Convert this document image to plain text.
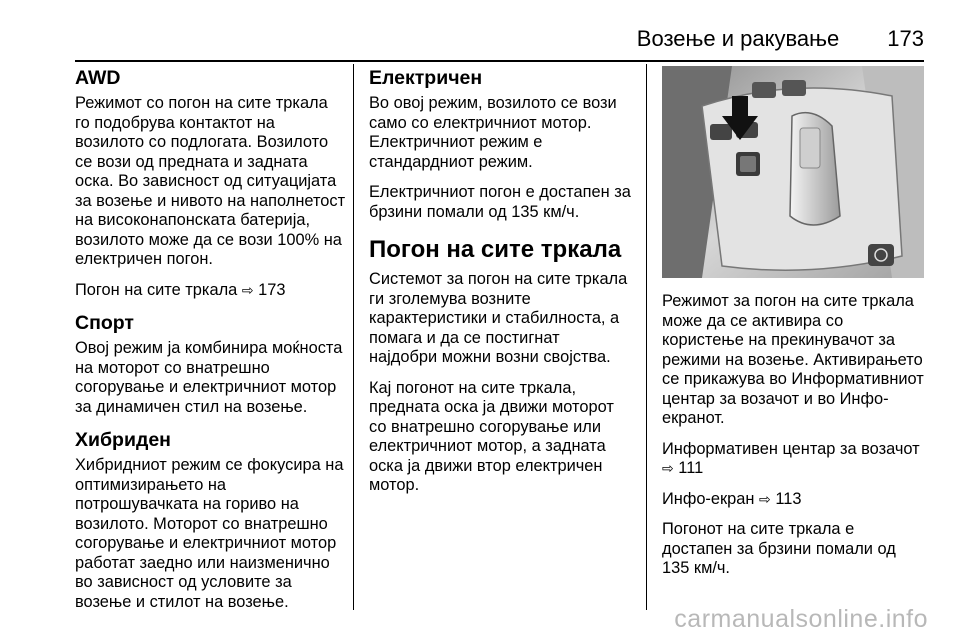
Возење и ракување 173
AWD

Режимот со погон на сите тркала го подобрува контактот на возилото со подлогата. Возилото се вози од предната и задната оска. Во зависност од ситуацијата за возење и нивото на наполнетост на високонапонската батерија, возилото може да се вози 100% на електричен погон.

Погон на сите тркала ⇨ 173

Спорт

Овој режим ја комбинира моќноста на моторот со внатрешно согорување и електричниот мотор за динамичен стил на возење.

Хибриден

Хибридниот режим се фокусира на оптимизирањето на потрошувачката на гориво на возилото. Моторот со внатрешно согорување и електричниот мотор работат заедно или наизменично во зависност од условите за возење и стилот на возење.

Електричен

Во овој режим, возилото се вози само со електричниот мотор. Електричниот режим е стандардниот режим.

Електричниот погон е достапен за брзини помали од 135 км/ч.

Погон на сите тркала

Системот за погон на сите тркала ги зголемува возните карактеристики и стабилноста, а помага и да се постигнат најдобри можни возни својства.

Кај погонот на сите тркала, предната оска ја движи моторот со внатрешно согорување или електричниот мотор, а задната оска ја движи втор електричен мотор.

Режимот за погон на сите тркала може да се активира со користење на прекинувачот за режими на возење. Активирањето се прикажува во Информативниот центар за возачот и во Инфо-екранот.

Информативен центар за возачот
⇨ 111

Инфо-екран ⇨ 113

Погонот на сите тркала е достапен за брзини помали од 135 км/ч.

carmanualsonline.info
